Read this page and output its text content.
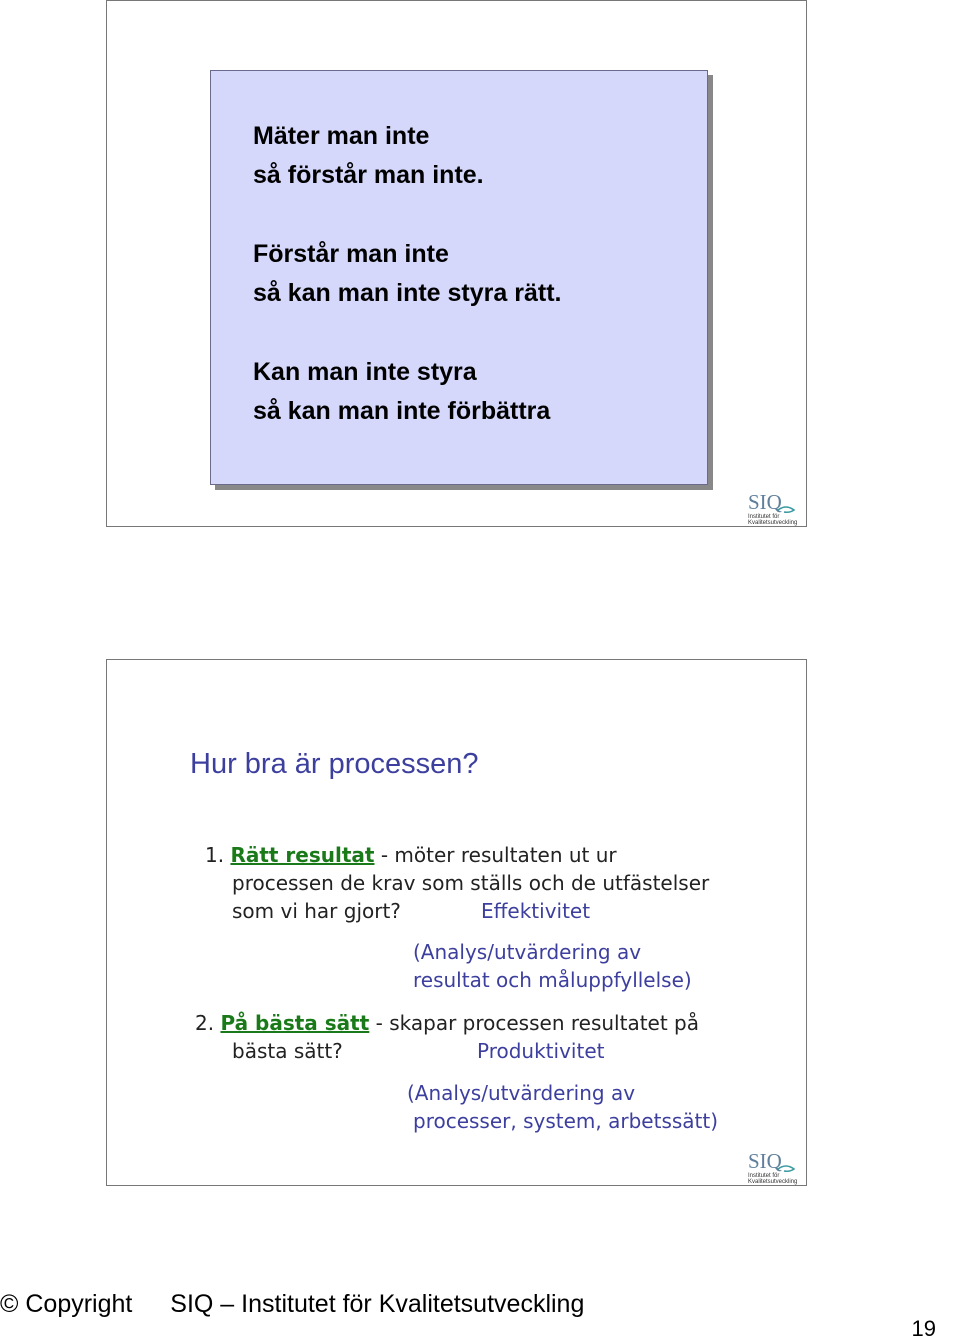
Mäter man inte
så förstår man inte.
Förstår man inte
så kan man inte styra rätt.
Kan man inte styra
så kan man inte förbättra
SIQ
Institutet för
Kvalitetsutveckling
Hur bra är processen?
1. Rätt resultat - möter resultaten ut ur
processen de krav som ställs och de utfästelser
som vi har gjort?	Effektivitet
(Analys/utvärdering av
resultat och måluppfyllelse)
2. På bästa sätt - skapar processen resultatet på
bästa sätt?	Produktivitet
(Analys/utvärdering av
processer, system, arbetssätt)
SIQ
Institutet för
Kvalitetsutveckling
© Copyright SIQ – Institutet för Kvalitetsutveckling
19
